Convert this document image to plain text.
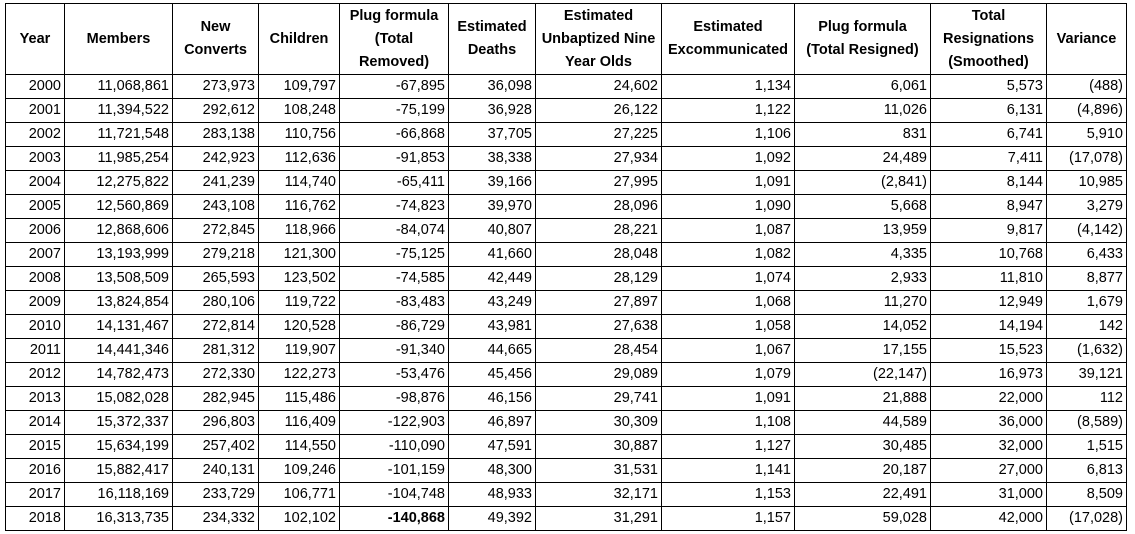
Year	Members	New Converts	Children	Plug formula (Total Removed)	Estimated Deaths	Estimated Unbaptized Nine Year Olds	Estimated Excommunicated	Plug formula (Total Resigned)	Total Resignations (Smoothed)	Variance
2000	11,068,861	273,973	109,797	-67,895	36,098	24,602	1,134	6,061	5,573	(488)
2001	11,394,522	292,612	108,248	-75,199	36,928	26,122	1,122	11,026	6,131	(4,896)
2002	11,721,548	283,138	110,756	-66,868	37,705	27,225	1,106	831	6,741	5,910
2003	11,985,254	242,923	112,636	-91,853	38,338	27,934	1,092	24,489	7,411	(17,078)
2004	12,275,822	241,239	114,740	-65,411	39,166	27,995	1,091	(2,841)	8,144	10,985
2005	12,560,869	243,108	116,762	-74,823	39,970	28,096	1,090	5,668	8,947	3,279
2006	12,868,606	272,845	118,966	-84,074	40,807	28,221	1,087	13,959	9,817	(4,142)
2007	13,193,999	279,218	121,300	-75,125	41,660	28,048	1,082	4,335	10,768	6,433
2008	13,508,509	265,593	123,502	-74,585	42,449	28,129	1,074	2,933	11,810	8,877
2009	13,824,854	280,106	119,722	-83,483	43,249	27,897	1,068	11,270	12,949	1,679
2010	14,131,467	272,814	120,528	-86,729	43,981	27,638	1,058	14,052	14,194	142
2011	14,441,346	281,312	119,907	-91,340	44,665	28,454	1,067	17,155	15,523	(1,632)
2012	14,782,473	272,330	122,273	-53,476	45,456	29,089	1,079	(22,147)	16,973	39,121
2013	15,082,028	282,945	115,486	-98,876	46,156	29,741	1,091	21,888	22,000	112
2014	15,372,337	296,803	116,409	-122,903	46,897	30,309	1,108	44,589	36,000	(8,589)
2015	15,634,199	257,402	114,550	-110,090	47,591	30,887	1,127	30,485	32,000	1,515
2016	15,882,417	240,131	109,246	-101,159	48,300	31,531	1,141	20,187	27,000	6,813
2017	16,118,169	233,729	106,771	-104,748	48,933	32,171	1,153	22,491	31,000	8,509
2018	16,313,735	234,332	102,102	-140,868	49,392	31,291	1,157	59,028	42,000	(17,028)
